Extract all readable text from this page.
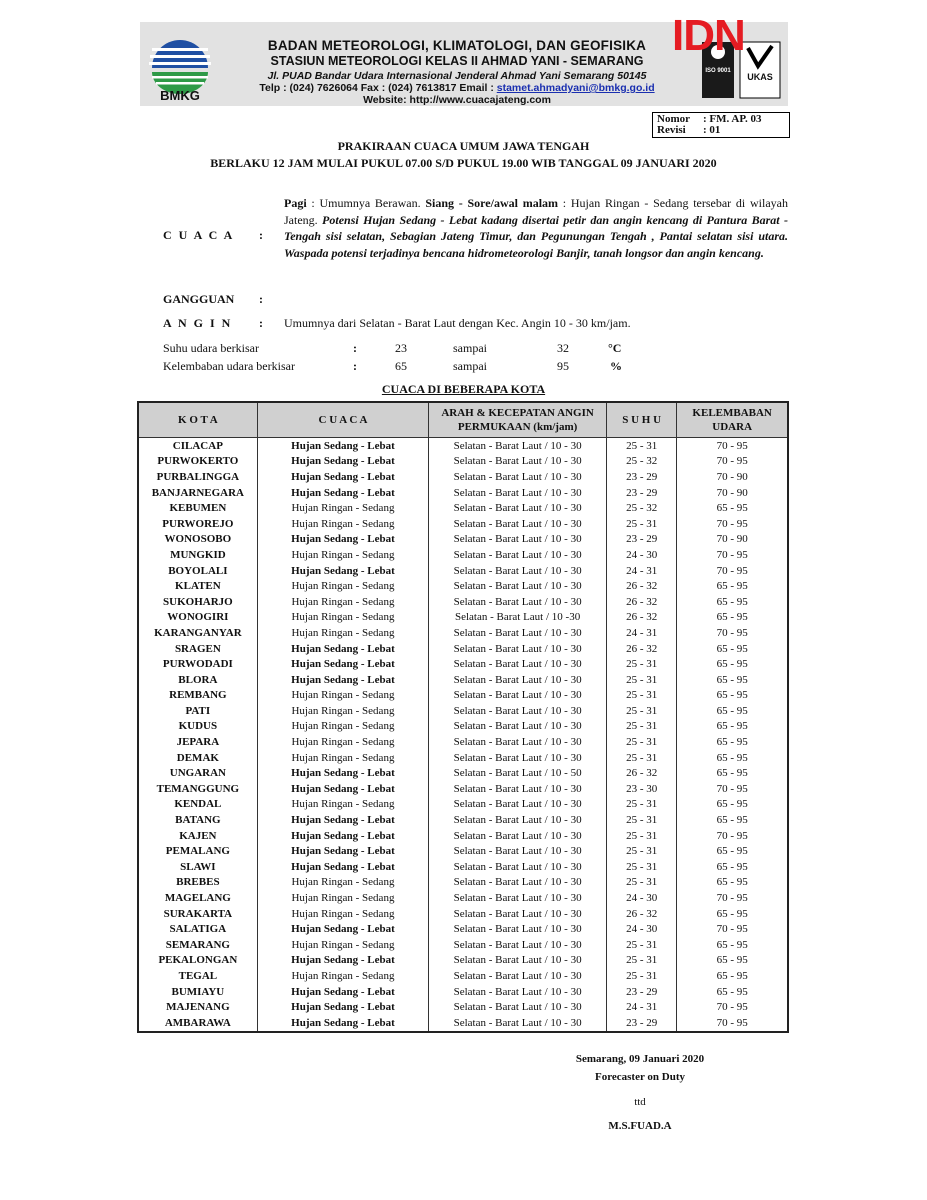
BMKG
BADAN METEOROLOGI, KLIMATOLOGI, DAN GEOFISIKA
STASIUN METEOROLOGI KELAS II AHMAD YANI - SEMARANG
Jl. PUAD Bandar Udara Internasional Jenderal Ahmad Yani Semarang 50145
Telp : (024) 7626064 Fax : (024) 7613817 Email : stamet.ahmadyani@bmkg.go.id
Website: http://www.cuacajateng.com
ISO 9001
UKAS
IDN
Nomor : FM. AP. 03
Revisi : 01
PRAKIRAAN CUACA UMUM JAWA TENGAH
BERLAKU 12 JAM MULAI PUKUL 07.00 S/D PUKUL 19.00 WIB TANGGAL 09 JANUARI 2020
C U A C A :
Pagi : Umumnya Berawan. Siang - Sore/awal malam : Hujan Ringan - Sedang tersebar di wilayah Jateng. Potensi Hujan Sedang - Lebat kadang disertai petir dan angin kencang di Pantura Barat - Tengah sisi selatan, Sebagian Jateng Timur, dan Pegunungan Tengah , Pantai selatan sisi utara. Waspada potensi terjadinya bencana hidrometeorologi Banjir, tanah longsor dan angin kencang.
GANGGUAN :
A N G I N : Umumnya dari Selatan - Barat Laut dengan Kec. Angin 10 - 30 km/jam.
Suhu udara berkisar	:	23	sampai	32	°C
Kelembaban udara berkisar	:	65	sampai	95	%
CUACA DI BEBERAPA KOTA
K O T A	C U A C A	ARAH & KECEPATAN ANGIN PERMUKAAN (km/jam)	S U H U	KELEMBABAN UDARA
CILACAP	Hujan Sedang - Lebat	Selatan - Barat Laut / 10 - 30	25 - 31	70 - 95
PURWOKERTO	Hujan Sedang - Lebat	Selatan - Barat Laut / 10 - 30	25 - 32	70 - 95
PURBALINGGA	Hujan Sedang - Lebat	Selatan - Barat Laut / 10 - 30	23 - 29	70 - 90
BANJARNEGARA	Hujan Sedang - Lebat	Selatan - Barat Laut / 10 - 30	23 - 29	70 - 90
KEBUMEN	Hujan Ringan - Sedang	Selatan - Barat Laut / 10 - 30	25 - 32	65 - 95
PURWOREJO	Hujan Ringan - Sedang	Selatan - Barat Laut / 10 - 30	25 - 31	70 - 95
WONOSOBO	Hujan Sedang - Lebat	Selatan - Barat Laut / 10 - 30	23 - 29	70 - 90
MUNGKID	Hujan Ringan - Sedang	Selatan - Barat Laut / 10 - 30	24 - 30	70 - 95
BOYOLALI	Hujan Sedang - Lebat	Selatan - Barat Laut / 10 - 30	24 - 31	70 - 95
KLATEN	Hujan Ringan - Sedang	Selatan - Barat Laut / 10 - 30	26 - 32	65 - 95
SUKOHARJO	Hujan Ringan - Sedang	Selatan - Barat Laut / 10 - 30	26 - 32	65 - 95
WONOGIRI	Hujan Ringan - Sedang	Selatan - Barat Laut / 10 -30	26 - 32	65 - 95
KARANGANYAR	Hujan Ringan - Sedang	Selatan - Barat Laut / 10 - 30	24 - 31	70 - 95
SRAGEN	Hujan Sedang - Lebat	Selatan - Barat Laut / 10 - 30	26 - 32	65 - 95
PURWODADI	Hujan Sedang - Lebat	Selatan - Barat Laut / 10 - 30	25 - 31	65 - 95
BLORA	Hujan Sedang - Lebat	Selatan - Barat Laut / 10 - 30	25 - 31	65 - 95
REMBANG	Hujan Ringan - Sedang	Selatan - Barat Laut / 10 - 30	25 - 31	65 - 95
PATI	Hujan Ringan - Sedang	Selatan - Barat Laut / 10 - 30	25 - 31	65 - 95
KUDUS	Hujan Ringan - Sedang	Selatan - Barat Laut / 10 - 30	25 - 31	65 - 95
JEPARA	Hujan Ringan - Sedang	Selatan - Barat Laut / 10 - 30	25 - 31	65 - 95
DEMAK	Hujan Ringan - Sedang	Selatan - Barat Laut / 10 - 30	25 - 31	65 - 95
UNGARAN	Hujan Sedang - Lebat	Selatan - Barat Laut / 10 - 50	26 - 32	65 - 95
TEMANGGUNG	Hujan Sedang - Lebat	Selatan - Barat Laut / 10 - 30	23 - 30	70 - 95
KENDAL	Hujan Ringan - Sedang	Selatan - Barat Laut / 10 - 30	25 - 31	65 - 95
BATANG	Hujan Sedang - Lebat	Selatan - Barat Laut / 10 - 30	25 - 31	65 - 95
KAJEN	Hujan Sedang - Lebat	Selatan - Barat Laut / 10 - 30	25 - 31	70 - 95
PEMALANG	Hujan Sedang - Lebat	Selatan - Barat Laut / 10 - 30	25 - 31	65 - 95
SLAWI	Hujan Sedang - Lebat	Selatan - Barat Laut / 10 - 30	25 - 31	65 - 95
BREBES	Hujan Ringan - Sedang	Selatan - Barat Laut / 10 - 30	25 - 31	65 - 95
MAGELANG	Hujan Ringan - Sedang	Selatan - Barat Laut / 10 - 30	24 - 30	70 - 95
SURAKARTA	Hujan Ringan - Sedang	Selatan - Barat Laut / 10 - 30	26 - 32	65 - 95
SALATIGA	Hujan Sedang - Lebat	Selatan - Barat Laut / 10 - 30	24 - 30	70 - 95
SEMARANG	Hujan Ringan - Sedang	Selatan - Barat Laut / 10 - 30	25 - 31	65 - 95
PEKALONGAN	Hujan Sedang - Lebat	Selatan - Barat Laut / 10 - 30	25 - 31	65 - 95
TEGAL	Hujan Ringan - Sedang	Selatan - Barat Laut / 10 - 30	25 - 31	65 - 95
BUMIAYU	Hujan Sedang - Lebat	Selatan - Barat Laut / 10 - 30	23 - 29	65 - 95
MAJENANG	Hujan Sedang - Lebat	Selatan - Barat Laut / 10 - 30	24 - 31	70 - 95
AMBARAWA	Hujan Sedang - Lebat	Selatan - Barat Laut / 10 - 30	23 - 29	70 - 95
Semarang, 09 Januari 2020
Forecaster on Duty
ttd
M.S.FUAD.A
